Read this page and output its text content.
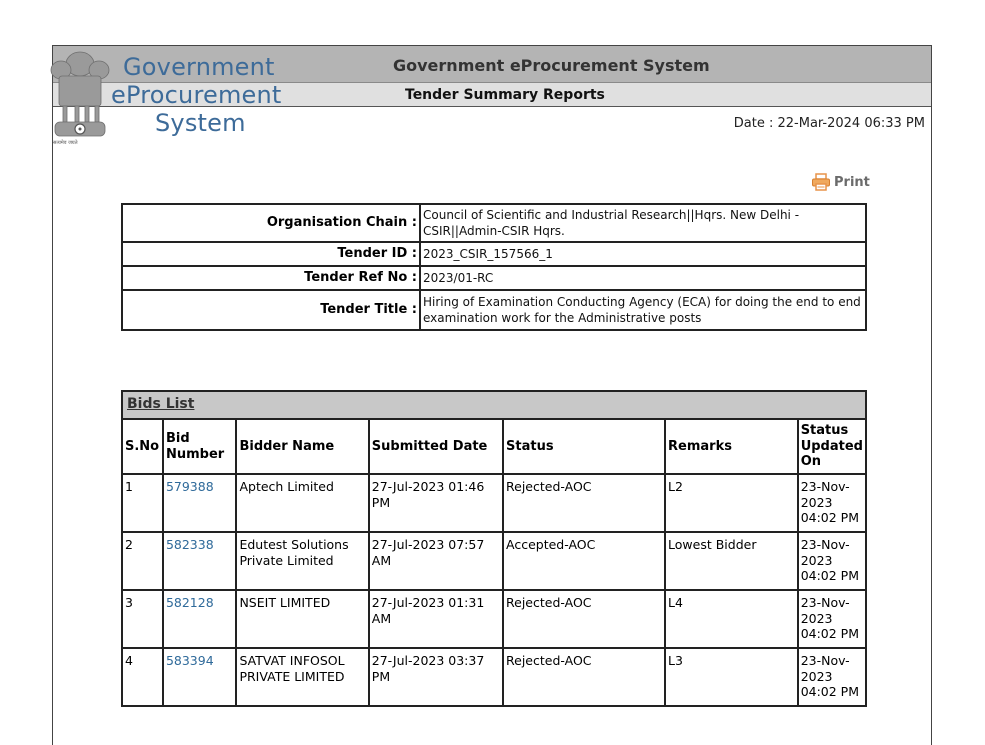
Government eProcurement System
Tender Summary Reports
सत्यमेव जयते
Government
eProcurement
System	Date : 22-Mar-2024 06:33 PM
Print
Organisation Chain :	Council of Scientific and Industrial Research||Hqrs. New Delhi - CSIR||Admin-CSIR Hqrs.
Tender ID :	2023_CSIR_157566_1
Tender Ref No :	2023/01-RC
Tender Title :	Hiring of Examination Conducting Agency (ECA) for doing the end to end examination work for the Administrative posts
Bids List						
S.No	Bid Number	Bidder Name	Submitted Date	Status	Remarks	Status Updated On
1	579388	Aptech Limited	27-Jul-2023 01:46 PM	Rejected-AOC	L2	23-Nov-2023 04:02 PM
2	582338	Edutest Solutions Private Limited	27-Jul-2023 07:57 AM	Accepted-AOC	Lowest Bidder	23-Nov-2023 04:02 PM
3	582128	NSEIT LIMITED	27-Jul-2023 01:31 AM	Rejected-AOC	L4	23-Nov-2023 04:02 PM
4	583394	SATVAT INFOSOL PRIVATE LIMITED	27-Jul-2023 03:37 PM	Rejected-AOC	L3	23-Nov-2023 04:02 PM
